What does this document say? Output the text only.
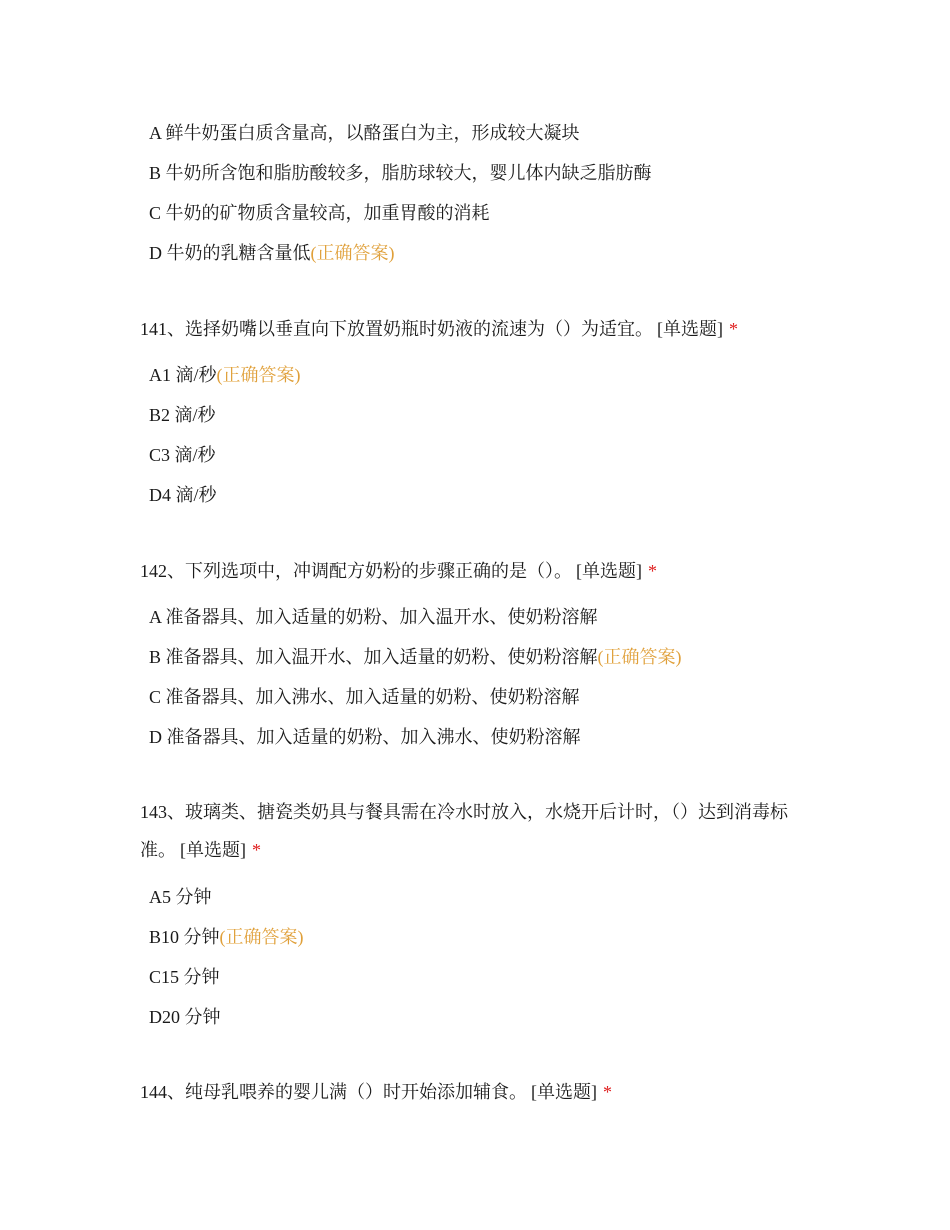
A 鲜牛奶蛋白质含量高，以酪蛋白为主，形成较大凝块
B 牛奶所含饱和脂肪酸较多，脂肪球较大，婴儿体内缺乏脂肪酶
C 牛奶的矿物质含量较高，加重胃酸的消耗
D 牛奶的乳糖含量低(正确答案)
141、选择奶嘴以垂直向下放置奶瓶时奶液的流速为（）为适宜。 [单选题] *
A1 滴/秒(正确答案)
B2 滴/秒
C3 滴/秒
D4 滴/秒
142、下列选项中，冲调配方奶粉的步骤正确的是（）。 [单选题] *
A 准备器具、加入适量的奶粉、加入温开水、使奶粉溶解
B 准备器具、加入温开水、加入适量的奶粉、使奶粉溶解(正确答案)
C 准备器具、加入沸水、加入适量的奶粉、使奶粉溶解
D 准备器具、加入适量的奶粉、加入沸水、使奶粉溶解
143、玻璃类、搪瓷类奶具与餐具需在冷水时放入，水烧开后计时，（）达到消毒标准。 [单选题] *
A5 分钟
B10 分钟(正确答案)
C15 分钟
D20 分钟
144、纯母乳喂养的婴儿满（）时开始添加辅食。 [单选题] *
